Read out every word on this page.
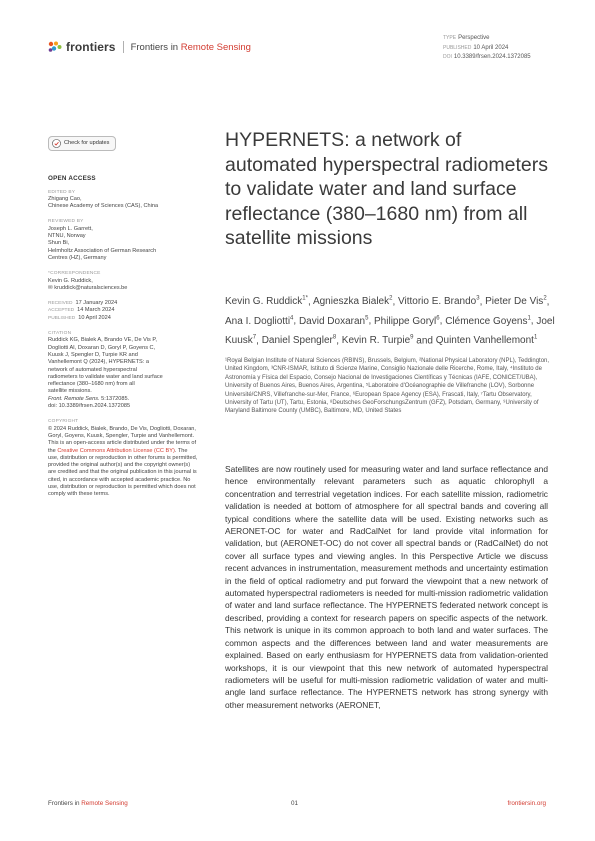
frontiers Frontiers in Remote Sensing
TYPE Perspective
PUBLISHED 10 April 2024
DOI 10.3389/frsen.2024.1372085
Check for updates
OPEN ACCESS
EDITED BY
Zhigang Cao,
Chinese Academy of Sciences (CAS), China
REVIEWED BY
Joseph L. Garrett,
NTNU, Norway
Shun Bi,
Helmholtz Association of German Research
Centres (HZ), Germany
*CORRESPONDENCE
Kevin G. Ruddick,
✉ kruddick@naturalsciences.be
RECEIVED 17 January 2024
ACCEPTED 14 March 2024
PUBLISHED 10 April 2024
CITATION
Ruddick KG, Bialek A, Brando VE, De Vis P,
Dogliotti AI, Doxaran D, Goryl P, Goyens C,
Kuusk J, Spengler D, Turpie KR and
Vanhellemont Q (2024), HYPERNETS: a
network of automated hyperspectral
radiometers to validate water and land surface
reflectance (380–1680 nm) from all
satellite missions.
Front. Remote Sens. 5:1372085.
doi: 10.3389/frsen.2024.1372085
COPYRIGHT
© 2024 Ruddick, Bialek, Brando, De Vis, Dogliotti, Doxaran, Goryl, Goyens, Kuusk, Spengler, Turpie and Vanhellemont. This is an open-access article distributed under the terms of the Creative Commons Attribution License (CC BY). The use, distribution or reproduction in other forums is permitted, provided the original author(s) and the copyright owner(s) are credited and that the original publication in this journal is cited, in accordance with accepted academic practice. No use, distribution or reproduction is permitted which does not comply with these terms.
HYPERNETS: a network of automated hyperspectral radiometers to validate water and land surface reflectance (380–1680 nm) from all satellite missions
Kevin G. Ruddick$^{1*}$, Agnieszka Bialek$^2$, Vittorio E. Brando$^3$, Pieter De Vis$^2$, Ana I. Dogliotti$^4$, David Doxaran$^5$, Philippe Goryl$^6$, Clémence Goyens$^1$, Joel Kuusk$^7$, Daniel Spengler$^8$, Kevin R. Turpie$^9$ and Quinten Vanhellemont$^1$
¹Royal Belgian Institute of Natural Sciences (RBINS), Brussels, Belgium, ²National Physical Laboratory (NPL), Teddington, United Kingdom, ³CNR-ISMAR, Istituto di Scienze Marine, Consiglio Nazionale delle Ricerche, Rome, Italy, ⁴Instituto de Astronomía y Física del Espacio, Consejo Nacional de Investigaciones Científicas y Técnicas (IAFE, CONICET/UBA), University of Buenos Aires, Buenos Aires, Argentina, ⁵Laboratoire d'Océanographie de Villefranche (LOV), Sorbonne Université/CNRS, Villefranche-sur-Mer, France, ⁶European Space Agency (ESA), Frascati, Italy, ⁷Tartu Observatory, University of Tartu (UT), Tartu, Estonia, ⁸Deutsches GeoForschungsZentrum (GFZ), Potsdam, Germany, ⁹University of Maryland Baltimore County (UMBC), Baltimore, MD, United States
Satellites are now routinely used for measuring water and land surface reflectance and hence environmentally relevant parameters such as aquatic chlorophyll a concentration and terrestrial vegetation indices. For each satellite mission, radiometric validation is needed at bottom of atmosphere for all spectral bands and covering all typical conditions where the satellite data will be used. Existing networks such as AERONET-OC for water and RadCalNet for land provide vital information for validation, but (AERONET-OC) do not cover all spectral bands or (RadCalNet) do not cover all surface types and viewing angles. In this Perspective Article we discuss recent advances in instrumentation, measurement methods and uncertainty estimation in the field of optical radiometry and put forward the viewpoint that a new network of automated hyperspectral radiometers is needed for multi-mission radiometric validation of water and land surface reflectance. The HYPERNETS federated network concept is described, providing a context for research papers on specific aspects of the network. This network is unique in its common approach to both land and water surfaces. The common aspects and the differences between land and water measurements are explained. Based on early enthusiasm for HYPERNETS data from validation-oriented workshops, it is our viewpoint that this new network of automated hyperspectral radiometers will be useful for multi-mission radiometric validation of water and multi-angle land surface reflectance. The HYPERNETS network has strong synergy with other measurement networks (AERONET,
Frontiers in Remote Sensing	01	frontiersin.org
